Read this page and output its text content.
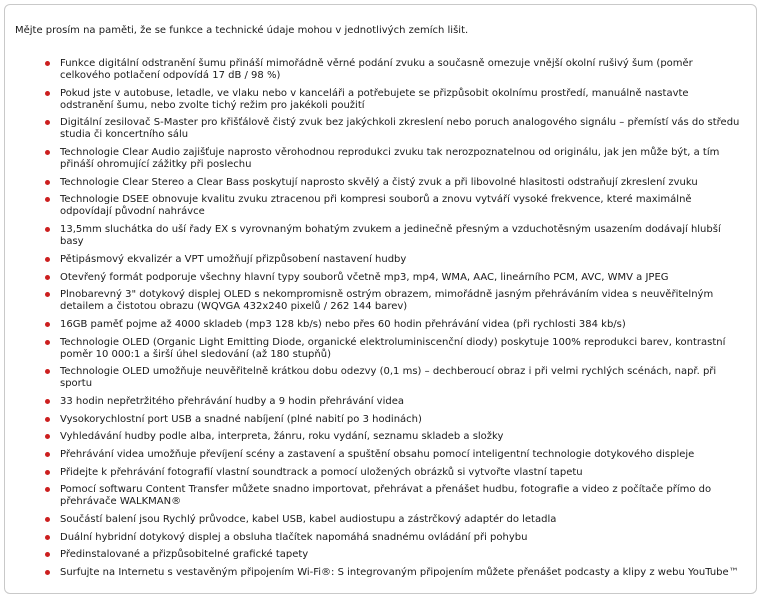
Mějte prosím na paměti, že se funkce a technické údaje mohou v jednotlivých zemích lišit.
Funkce digitální odstranění šumu přináší mimořádně věrné podání zvuku a současně omezuje vnější okolní rušivý šum (poměr celkového potlačení odpovídá 17 dB / 98 %)
Pokud jste v autobuse, letadle, ve vlaku nebo v kanceláři a potřebujete se přizpůsobit okolnímu prostředí, manuálně nastavte odstranění šumu, nebo zvolte tichý režim pro jakékoli použití
Digitální zesilovač S-Master pro křišťálově čistý zvuk bez jakýchkoli zkreslení nebo poruch analogového signálu – přemístí vás do středu studia či koncertního sálu
Technologie Clear Audio zajišťuje naprosto věrohodnou reprodukci zvuku tak nerozpoznatelnou od originálu, jak jen může být, a tím přináší ohromující zážitky při poslechu
Technologie Clear Stereo a Clear Bass poskytují naprosto skvělý a čistý zvuk a při libovolné hlasitosti odstraňují zkreslení zvuku
Technologie DSEE obnovuje kvalitu zvuku ztracenou při kompresi souborů a znovu vytváří vysoké frekvence, které maximálně odpovídají původní nahrávce
13,5mm sluchátka do uší řady EX s vyrovnaným bohatým zvukem a jedinečně přesným a vzduchotěsným usazením dodávají hlubší basy
Pětipásmový ekvalizér a VPT umožňují přizpůsobení nastavení hudby
Otevřený formát podporuje všechny hlavní typy souborů včetně mp3, mp4, WMA, AAC, lineárního PCM, AVC, WMV a JPEG
Plnobarevný 3" dotykový displej OLED s nekompromisně ostrým obrazem, mimořádně jasným přehráváním videa s neuvěřitelným detailem a čistotou obrazu (WQVGA 432x240 pixelů / 262 144 barev)
16GB paměť pojme až 4000 skladeb (mp3 128 kb/s) nebo přes 60 hodin přehrávání videa (při rychlosti 384 kb/s)
Technologie OLED (Organic Light Emitting Diode, organické elektroluminiscenční diody) poskytuje 100% reprodukci barev, kontrastní poměr 10 000:1 a širší úhel sledování (až 180 stupňů)
Technologie OLED umožňuje neuvěřitelně krátkou dobu odezvy (0,1 ms) – dechberoucí obraz i při velmi rychlých scénách, např. při sportu
33 hodin nepřetržitého přehrávání hudby a 9 hodin přehrávání videa
Vysokorychlostní port USB a snadné nabíjení (plné nabití po 3 hodinách)
Vyhledávání hudby podle alba, interpreta, žánru, roku vydání, seznamu skladeb a složky
Přehrávání videa umožňuje převíjení scény a zastavení a spuštění obsahu pomocí inteligentní technologie dotykového displeje
Přidejte k přehrávání fotografií vlastní soundtrack a pomocí uložených obrázků si vytvořte vlastní tapetu
Pomocí softwaru Content Transfer můžete snadno importovat, přehrávat a přenášet hudbu, fotografie a video z počítače přímo do přehrávače WALKMAN®
Součástí balení jsou Rychlý průvodce, kabel USB, kabel audiostupu a zástrčkový adaptér do letadla
Duální hybridní dotykový displej a obsluha tlačítek napomáhá snadnému ovládání při pohybu
Předinstalované a přizpůsobitelné grafické tapety
Surfujte na Internetu s vestavěným připojením Wi-Fi®: S integrovaným připojením můžete přenášet podcasty a klipy z webu YouTube™
